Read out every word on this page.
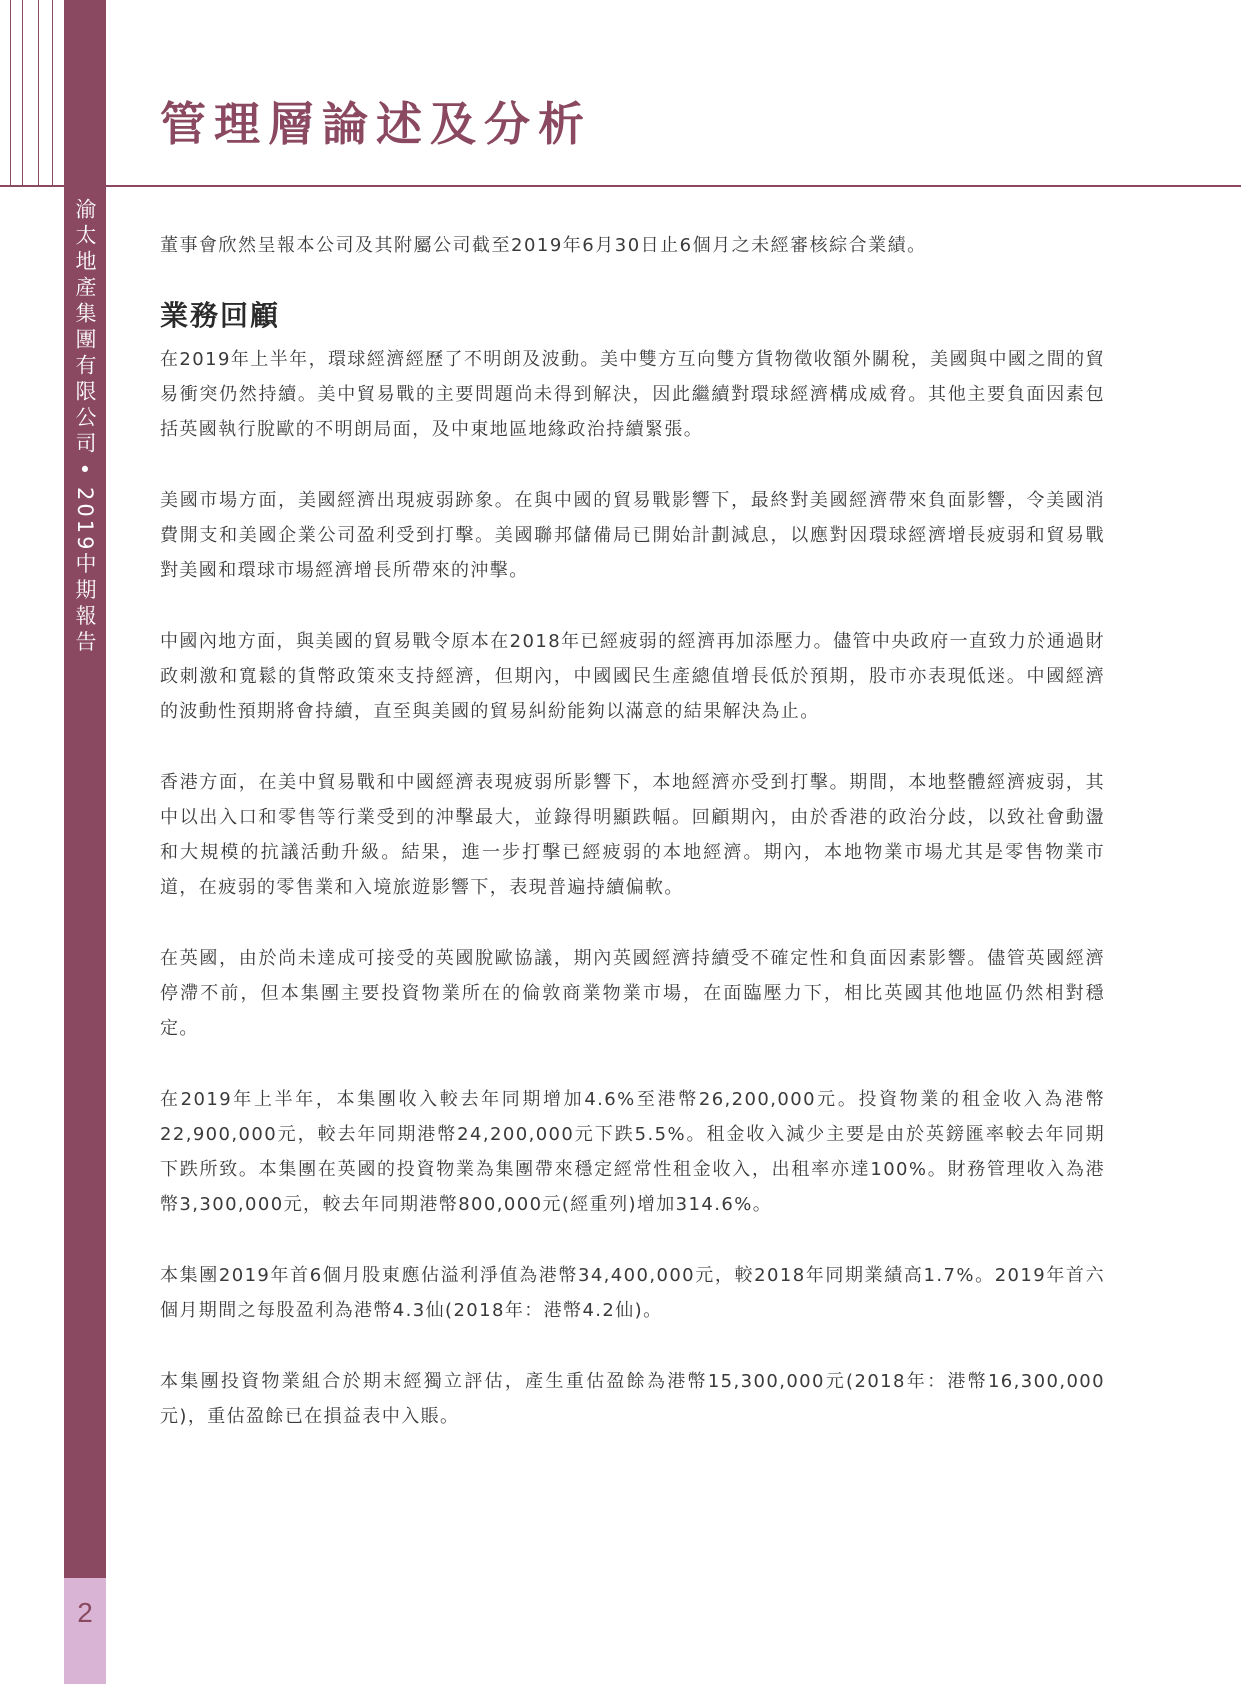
渝太地產集團有限公司•2019中期報告
2
管理層論述及分析

董事會欣然呈報本公司及其附屬公司截至2019年6月30日止6個月之未經審核綜合業績。

業務回顧

在2019年上半年，環球經濟經歷了不明朗及波動。美中雙方互向雙方貨物徵收額外關稅，美國與中國之間的貿易衝突仍然持續。美中貿易戰的主要問題尚未得到解決，因此繼續對環球經濟構成威脅。其他主要負面因素包括英國執行脫歐的不明朗局面，及中東地區地緣政治持續緊張。

美國市場方面，美國經濟出現疲弱跡象。在與中國的貿易戰影響下，最終對美國經濟帶來負面影響，令美國消費開支和美國企業公司盈利受到打擊。美國聯邦儲備局已開始計劃減息，以應對因環球經濟增長疲弱和貿易戰對美國和環球市場經濟增長所帶來的沖擊。

中國內地方面，與美國的貿易戰令原本在2018年已經疲弱的經濟再加添壓力。儘管中央政府一直致力於通過財政刺激和寬鬆的貨幣政策來支持經濟，但期內，中國國民生產總值增長低於預期，股市亦表現低迷。中國經濟的波動性預期將會持續，直至與美國的貿易糾紛能夠以滿意的結果解決為止。

香港方面，在美中貿易戰和中國經濟表現疲弱所影響下，本地經濟亦受到打擊。期間，本地整體經濟疲弱，其中以出入口和零售等行業受到的沖擊最大，並錄得明顯跌幅。回顧期內，由於香港的政治分歧，以致社會動盪和大規模的抗議活動升級。結果，進一步打擊已經疲弱的本地經濟。期內，本地物業市場尤其是零售物業市道，在疲弱的零售業和入境旅遊影響下，表現普遍持續偏軟。

在英國，由於尚未達成可接受的英國脫歐協議，期內英國經濟持續受不確定性和負面因素影響。儘管英國經濟停滯不前，但本集團主要投資物業所在的倫敦商業物業市場，在面臨壓力下，相比英國其他地區仍然相對穩定。

在2019年上半年，本集團收入較去年同期增加4.6%至港幣26,200,000元。投資物業的租金收入為港幣22,900,000元，較去年同期港幣24,200,000元下跌5.5%。租金收入減少主要是由於英鎊匯率較去年同期下跌所致。本集團在英國的投資物業為集團帶來穩定經常性租金收入，出租率亦達100%。財務管理收入為港幣3,300,000元，較去年同期港幣800,000元(經重列)增加314.6%。

本集團2019年首6個月股東應佔溢利淨值為港幣34,400,000元，較2018年同期業績高1.7%。2019年首六個月期間之每股盈利為港幣4.3仙(2018年：港幣4.2仙)。

本集團投資物業組合於期末經獨立評估，產生重估盈餘為港幣15,300,000元(2018年：港幣16,300,000元)，重估盈餘已在損益表中入賬。
